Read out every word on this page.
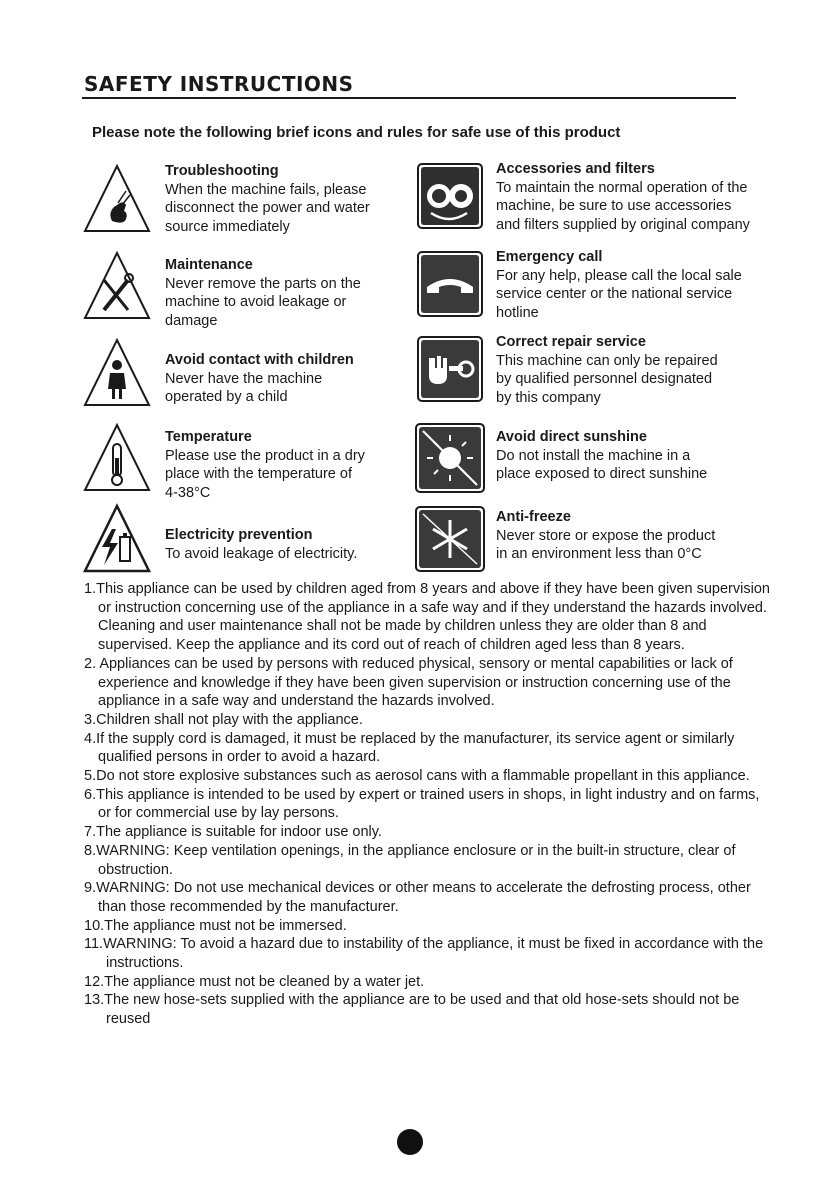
SAFETY INSTRUCTIONS
Please note the following brief icons and rules for safe use of this product
Troubleshooting
When the machine fails, please
disconnect the power and water
source immediately
Maintenance
Never remove the parts on the
machine to avoid leakage or
damage
Avoid contact with children
Never have the machine
operated by a child
Temperature
Please use the product in a dry
place with the temperature of
4-38°C
Electricity prevention
To avoid leakage of electricity.
Accessories and filters
To maintain the normal operation of the
machine, be sure to use accessories
and filters supplied by original company
Emergency call
For any help, please call the local sale
service center or the national service
hotline
Correct repair service
This machine can only be repaired
by qualified personnel designated
by this company
Avoid direct sunshine
Do not install the machine in a
place exposed to direct sunshine
Anti-freeze
Never store or expose the product
in an environment less than 0°C

1.This appliance can be used by children aged from 8 years and above if they have been given supervision or instruction concerning use of the appliance in a safe way and if they understand the hazards involved. Cleaning and user maintenance shall not be made by children unless they are older than 8 and supervised. Keep the appliance and its cord out of reach of children aged less than 8 years.

2. Appliances can be used by persons with reduced physical, sensory or mental capabilities or lack of experience and knowledge if they have been given supervision or instruction concerning use of the appliance in a safe way and understand the hazards involved.

3.Children shall not play with the appliance.

4.If the supply cord is damaged, it must be replaced by the manufacturer, its service agent or similarly qualified persons in order to avoid a hazard.

5.Do not store explosive substances such as aerosol cans with a flammable propellant in this appliance.

6.This appliance is intended to be used by expert or trained users in shops, in light industry and on farms, or for commercial use by lay persons.

7.The appliance is suitable for indoor use only.

8.WARNING: Keep ventilation openings, in the appliance enclosure or in the built-in structure, clear of obstruction.

9.WARNING: Do not use mechanical devices or other means to accelerate the defrosting process, other than those recommended by the manufacturer.

10.The appliance must not be immersed.

11.WARNING: To avoid a hazard due to instability of the appliance, it must be fixed in accordance with the instructions.

12.The appliance must not be cleaned by a water jet.

13.The new hose-sets supplied with the appliance are to be used and that old hose-sets should not be reused
